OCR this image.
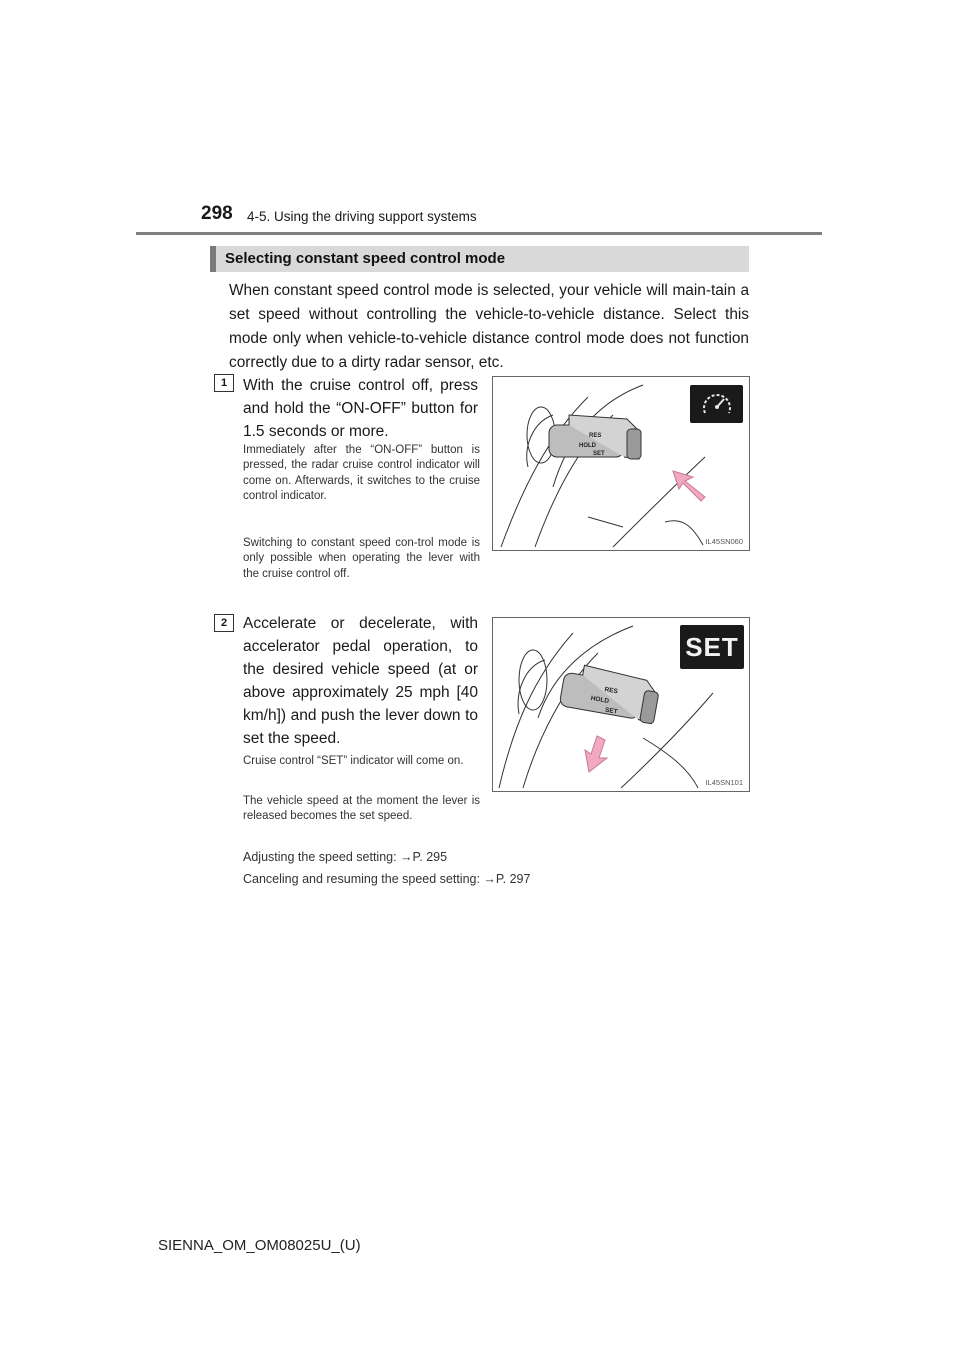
298 4-5. Using the driving support systems
Selecting constant speed control mode
When constant speed control mode is selected, your vehicle will main-tain a set speed without controlling the vehicle-to-vehicle distance. Select this mode only when vehicle-to-vehicle distance control mode does not function correctly due to a dirty radar sensor, etc.
1	With the cruise control off, press and hold the “ON-OFF” button for 1.5 seconds or more.
Immediately after the “ON-OFF” button is pressed, the radar cruise control indicator will come on. Afterwards, it switches to the cruise control indicator.
Switching to constant speed con-trol mode is only possible when operating the lever with the cruise control off.
RES
HOLD
SET
IL45SN060
2	Accelerate or decelerate, with accelerator pedal operation, to the desired vehicle speed (at or above approximately 25 mph [40 km/h]) and push the lever down to set the speed.
Cruise control “SET” indicator will come on.
The vehicle speed at the moment the lever is released becomes the set speed.
RES
HOLD
SET
SET
IL45SN101
Adjusting the speed setting: →P. 295
Canceling and resuming the speed setting: →P. 297
SIENNA_OM_OM08025U_(U)
